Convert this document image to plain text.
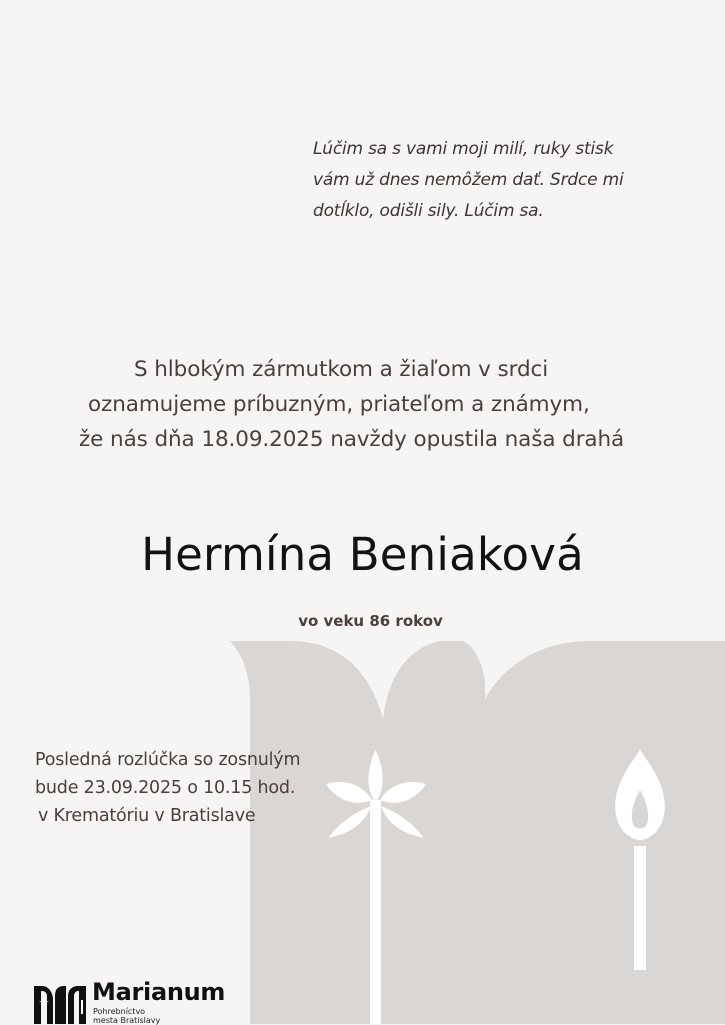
Lúčim sa s vami moji milí, ruky stisk
vám už dnes nemôžem dať. Srdce mi
dotĺklo, odišli sily. Lúčim sa.

S hlbokým zármutkom a žiaľom v srdci
oznamujeme príbuzným, priateľom a známym,
že nás dňa 18.09.2025 navždy opustila naša drahá
Hermína Beniaková
vo veku 86 rokov
Posledná rozlúčka so zosnulým
bude 23.09.2025 o 10.15 hod.
v Krematóriu v Bratislave
Marianum
Pohrebníctvo
mesta Bratislavy
